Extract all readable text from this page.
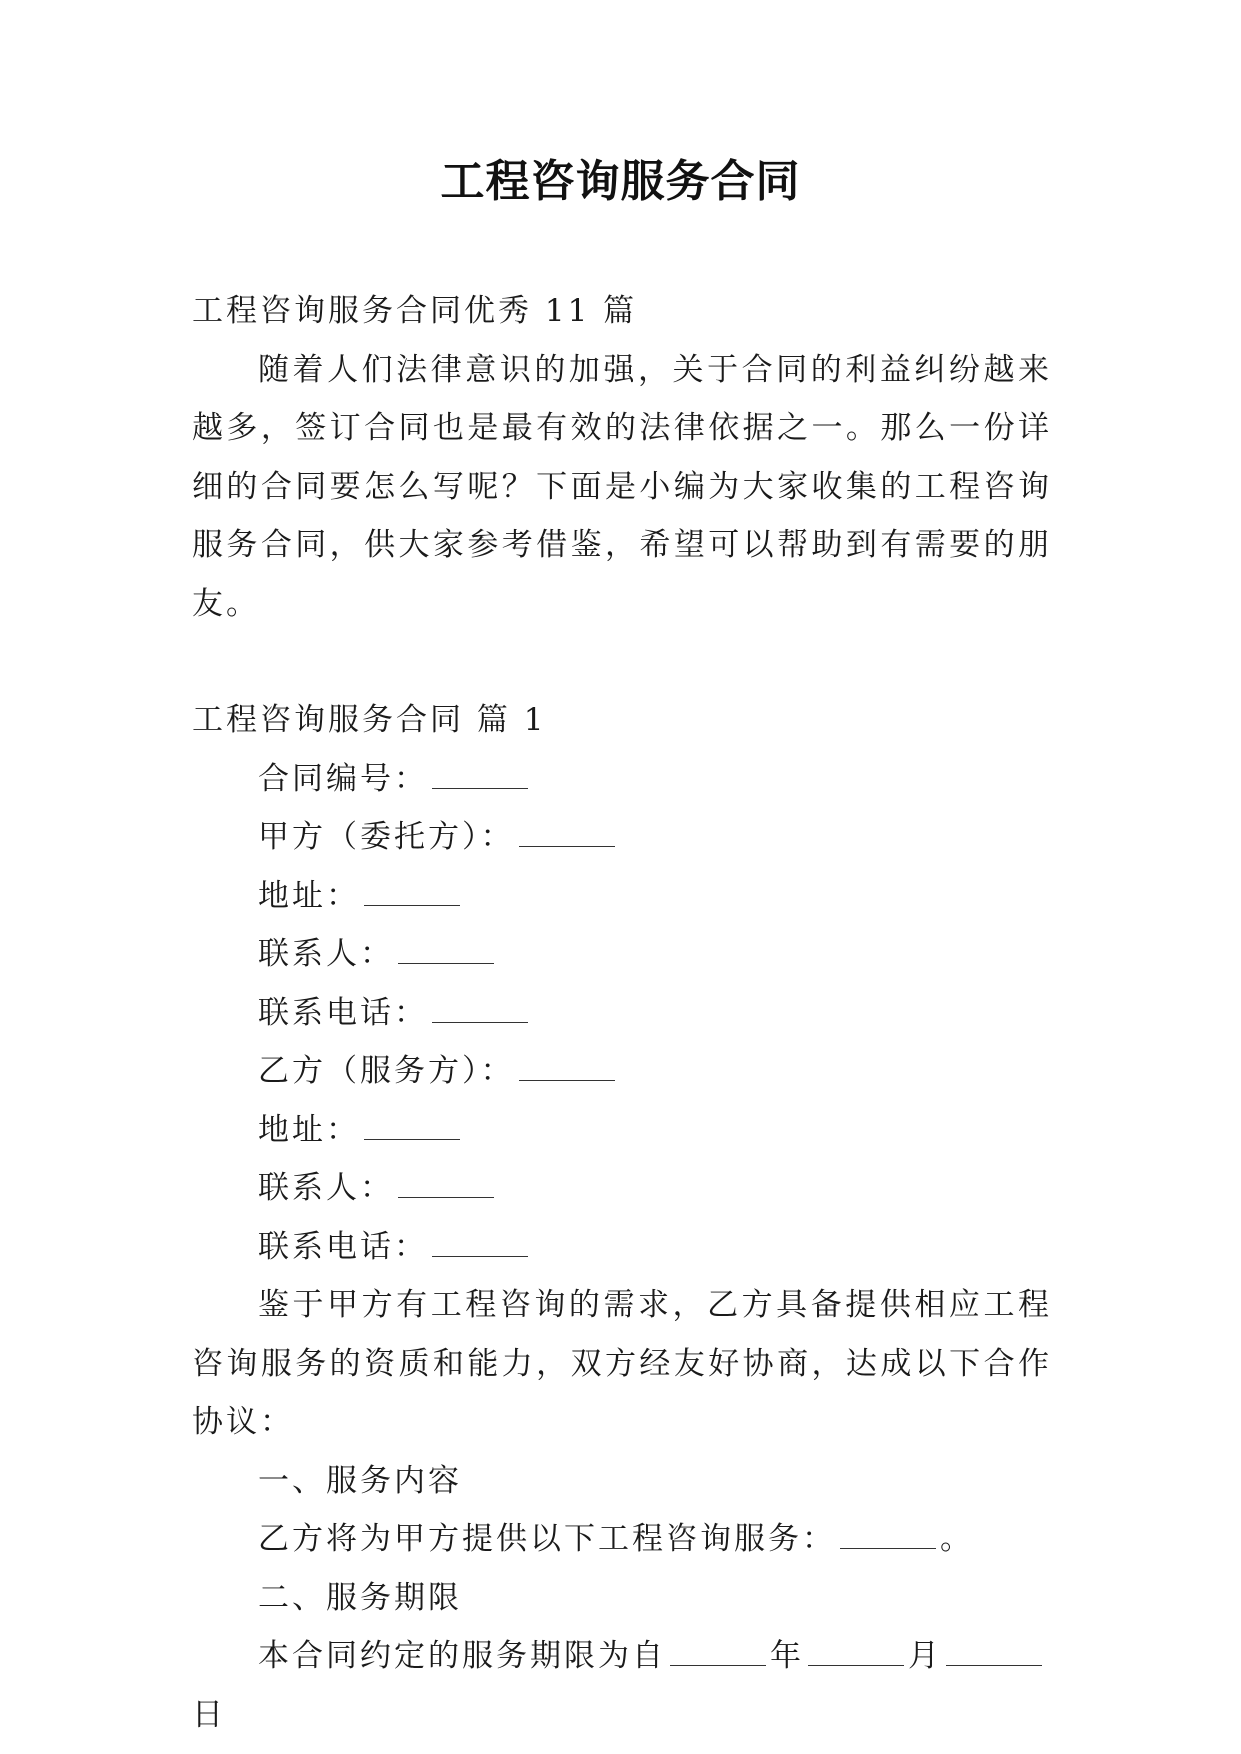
工程咨询服务合同

工程咨询服务合同优秀 11 篇

随着人们法律意识的加强，关于合同的利益纠纷越来越多，签订合同也是最有效的法律依据之一。那么一份详细的合同要怎么写呢？下面是小编为大家收集的工程咨询服务合同，供大家参考借鉴，希望可以帮助到有需要的朋友。

工程咨询服务合同 篇 1

合同编号：

甲方（委托方）：

地址：

联系人：

联系电话：

乙方（服务方）：

地址：

联系人：

联系电话：

鉴于甲方有工程咨询的需求，乙方具备提供相应工程咨询服务的资质和能力，双方经友好协商，达成以下合作协议：

一、服务内容

乙方将为甲方提供以下工程咨询服务：	。

二、服务期限

本合同约定的服务期限为自	年	月日
